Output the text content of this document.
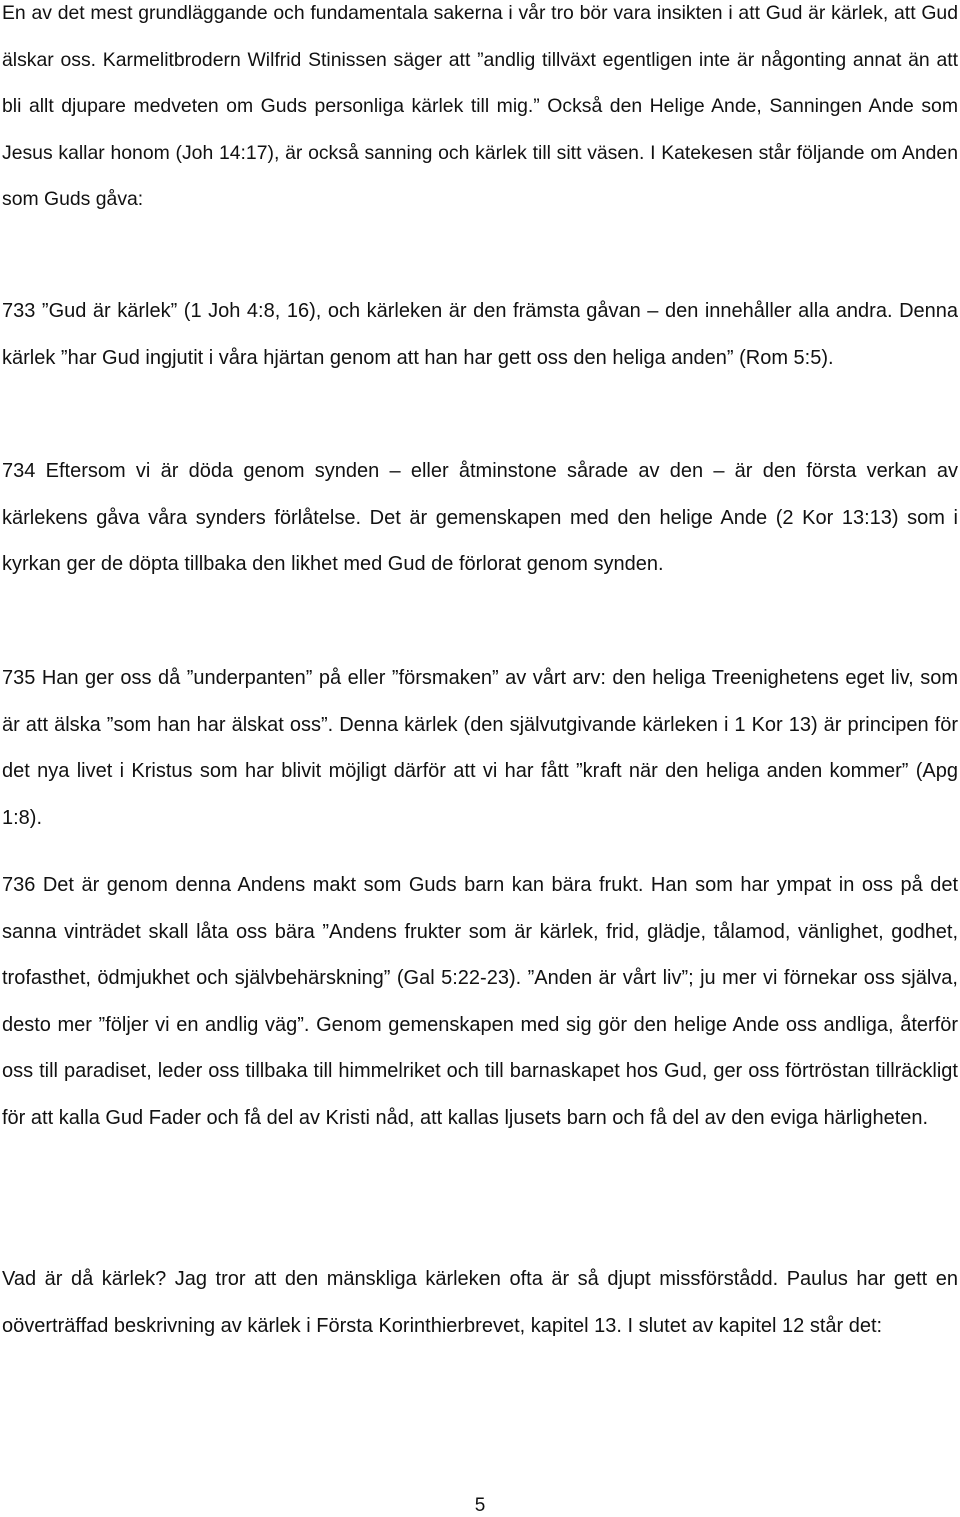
En av det mest grundläggande och fundamentala sakerna i vår tro bör vara insikten i att Gud är kärlek, att Gud älskar oss. Karmelitbrodern Wilfrid Stinissen säger att ”andlig tillväxt egentligen inte är någonting annat än att bli allt djupare medveten om Guds personliga kärlek till mig.” Också den Helige Ande, Sanningen Ande som Jesus kallar honom (Joh 14:17), är också sanning och kärlek till sitt väsen. I Katekesen står följande om Anden som Guds gåva:

733 ”Gud är kärlek” (1 Joh 4:8, 16), och kärleken är den främsta gåvan – den innehåller alla andra. Denna kärlek ”har Gud ingjutit i våra hjärtan genom att han har gett oss den heliga anden” (Rom 5:5).

734 Eftersom vi är döda genom synden – eller åtminstone sårade av den – är den första verkan av kärlekens gåva våra synders förlåtelse. Det är gemenskapen med den helige Ande (2 Kor 13:13) som i kyrkan ger de döpta tillbaka den likhet med Gud de förlorat genom synden.

735 Han ger oss då ”underpanten” på eller ”försmaken” av vårt arv: den heliga Treenighetens eget liv, som är att älska ”som han har älskat oss”. Denna kärlek (den självutgivande kärleken i 1 Kor 13) är principen för det nya livet i Kristus som har blivit möjligt därför att vi har fått ”kraft när den heliga anden kommer” (Apg 1:8).

736 Det är genom denna Andens makt som Guds barn kan bära frukt. Han som har ympat in oss på det sanna vinträdet skall låta oss bära ”Andens frukter som är kärlek, frid, glädje, tålamod, vänlighet, godhet, trofasthet, ödmjukhet och självbehärskning” (Gal 5:22-23). ”Anden är vårt liv”; ju mer vi förnekar oss själva, desto mer ”följer vi en andlig väg”. Genom gemenskapen med sig gör den helige Ande oss andliga, återför oss till paradiset, leder oss tillbaka till himmelriket och till barnaskapet hos Gud, ger oss förtröstan tillräckligt för att kalla Gud Fader och få del av Kristi nåd, att kallas ljusets barn och få del av den eviga härligheten.

Vad är då kärlek? Jag tror att den mänskliga kärleken ofta är så djupt missförstådd. Paulus har gett en oöverträffad beskrivning av kärlek i Första Korinthierbrevet, kapitel 13. I slutet av kapitel 12 står det:

5
